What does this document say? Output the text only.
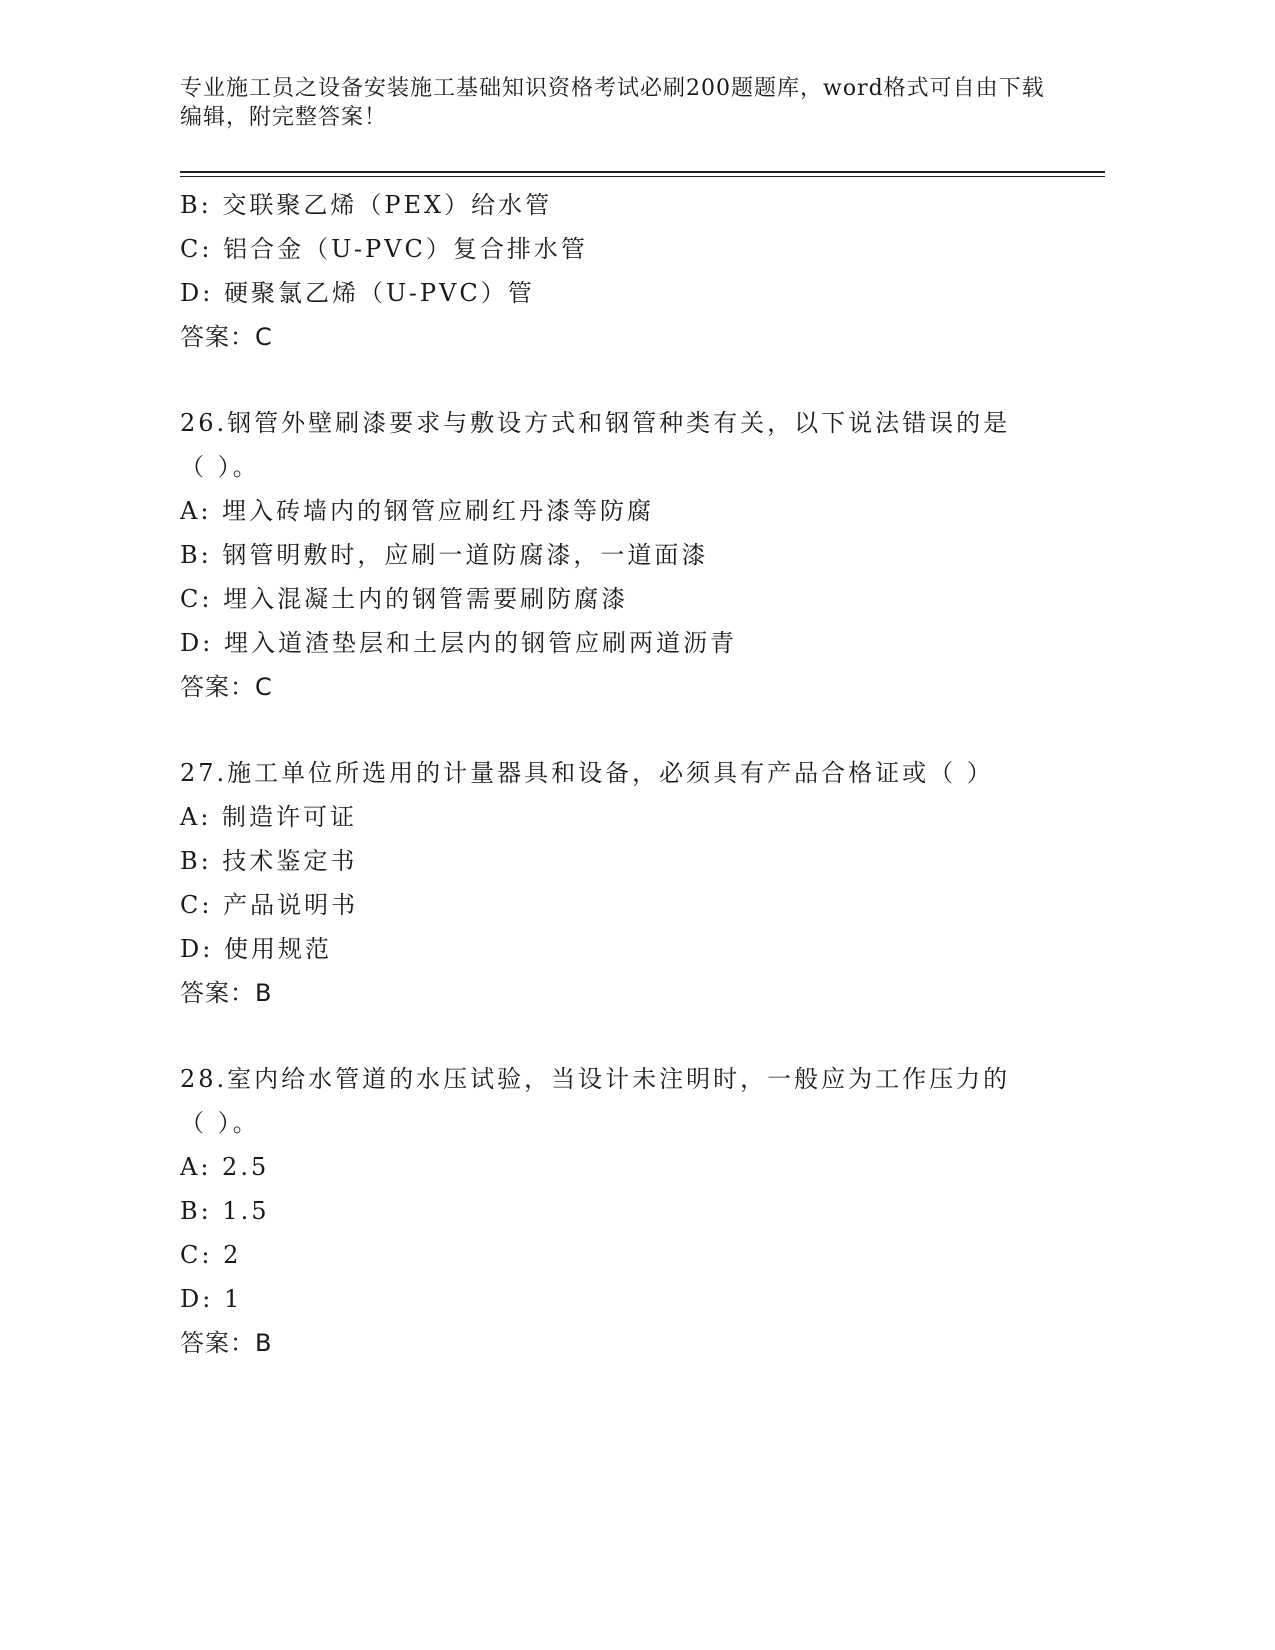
专业施工员之设备安装施工基础知识资格考试必刷200题题库，word格式可自由下载编辑，附完整答案！
B: 交联聚乙烯（PEX）给水管
C: 铝合金（U-PVC）复合排水管
D: 硬聚氯乙烯（U-PVC）管
答案：C
26.钢管外壁刷漆要求与敷设方式和钢管种类有关，以下说法错误的是
（ ）。
A: 埋入砖墙内的钢管应刷红丹漆等防腐
B: 钢管明敷时，应刷一道防腐漆，一道面漆
C: 埋入混凝土内的钢管需要刷防腐漆
D: 埋入道渣垫层和土层内的钢管应刷两道沥青
答案：C
27.施工单位所选用的计量器具和设备，必须具有产品合格证或（ ）
A: 制造许可证
B: 技术鉴定书
C: 产品说明书
D: 使用规范
答案：B
28.室内给水管道的水压试验，当设计未注明时，一般应为工作压力的
（ ）。
A: 2.5
B: 1.5
C: 2
D: 1
答案：B
